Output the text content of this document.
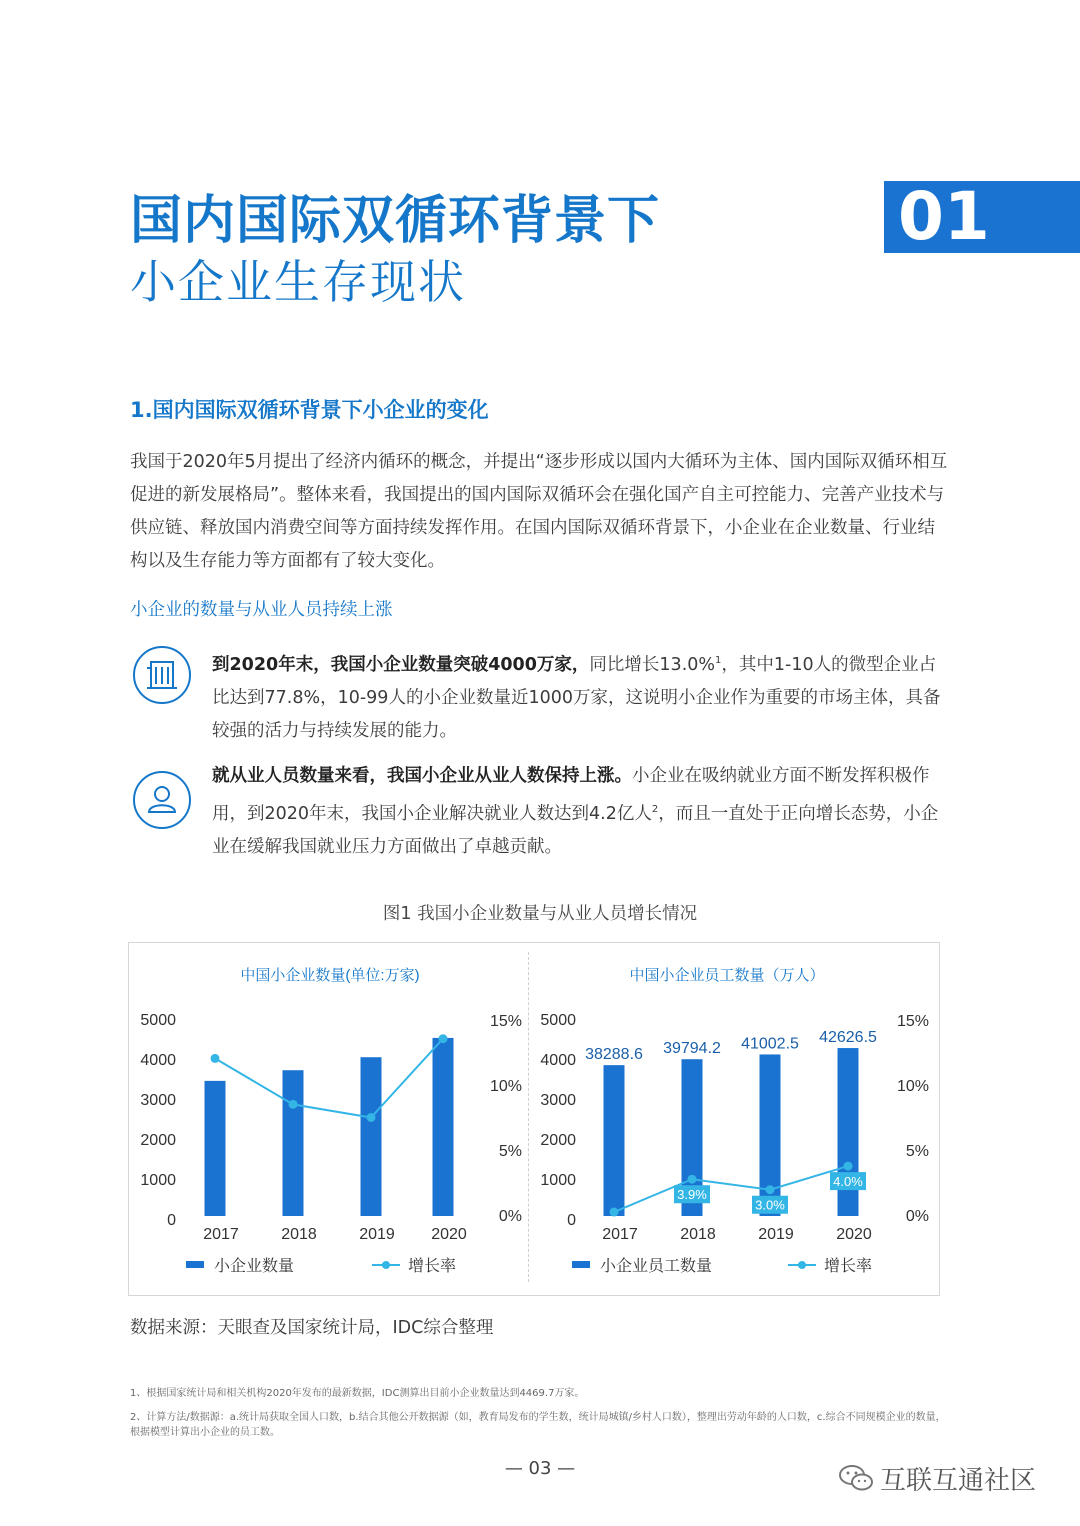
国内国际双循环背景下
小企业生存现状
01
1.国内国际双循环背景下小企业的变化
我国于2020年5月提出了经济内循环的概念，并提出“逐步形成以国内大循环为主体、国内国际双循环相互促进的新发展格局”。整体来看，我国提出的国内国际双循环会在强化国产自主可控能力、完善产业技术与供应链、释放国内消费空间等方面持续发挥作用。在国内国际双循环背景下，小企业在企业数量、行业结构以及生存能力等方面都有了较大变化。
小企业的数量与从业人员持续上涨
到2020年末，我国小企业数量突破4000万家，同比增长13.0%$^1$，其中1-10人的微型企业占比达到77.8%，10-99人的小企业数量近1000万家，这说明小企业作为重要的市场主体，具备较强的活力与持续发展的能力。
就从业人员数量来看，我国小企业从业人数保持上涨。小企业在吸纳就业方面不断发挥积极作用，到2020年末，我国小企业解决就业人数达到4.2亿人$^2$，而且一直处于正向增长态势，小企业在缓解我国就业压力方面做出了卓越贡献。
图1 我国小企业数量与从业人员增长情况
中国小企业数量(单位:万家)
0
1000
2000
3000
4000
5000
0%
5%
10%
15%
2017	2018	2019 2020
小企业数量	增长率
中国小企业员工数量（万人）
0
1000
2000
3000
4000
5000
0%
5%
10%
15%
38288.6 39794.2 41002.5 42626.5
3.9%
3.0%
4.0%
2017	2018	2019	2020
小企业员工数量	增长率
数据来源：天眼查及国家统计局，IDC综合整理
1、根据国家统计局和相关机构2020年发布的最新数据，IDC测算出目前小企业数量达到4469.7万家。
2、计算方法/数据源：a.统计局获取全国人口数，b.结合其他公开数据源（如，教育局发布的学生数，统计局城镇/乡村人口数），整理出劳动年龄的人口数，c.综合不同规模企业的数量，根据模型计算出小企业的员工数。
— 03 —	互联互通社区
